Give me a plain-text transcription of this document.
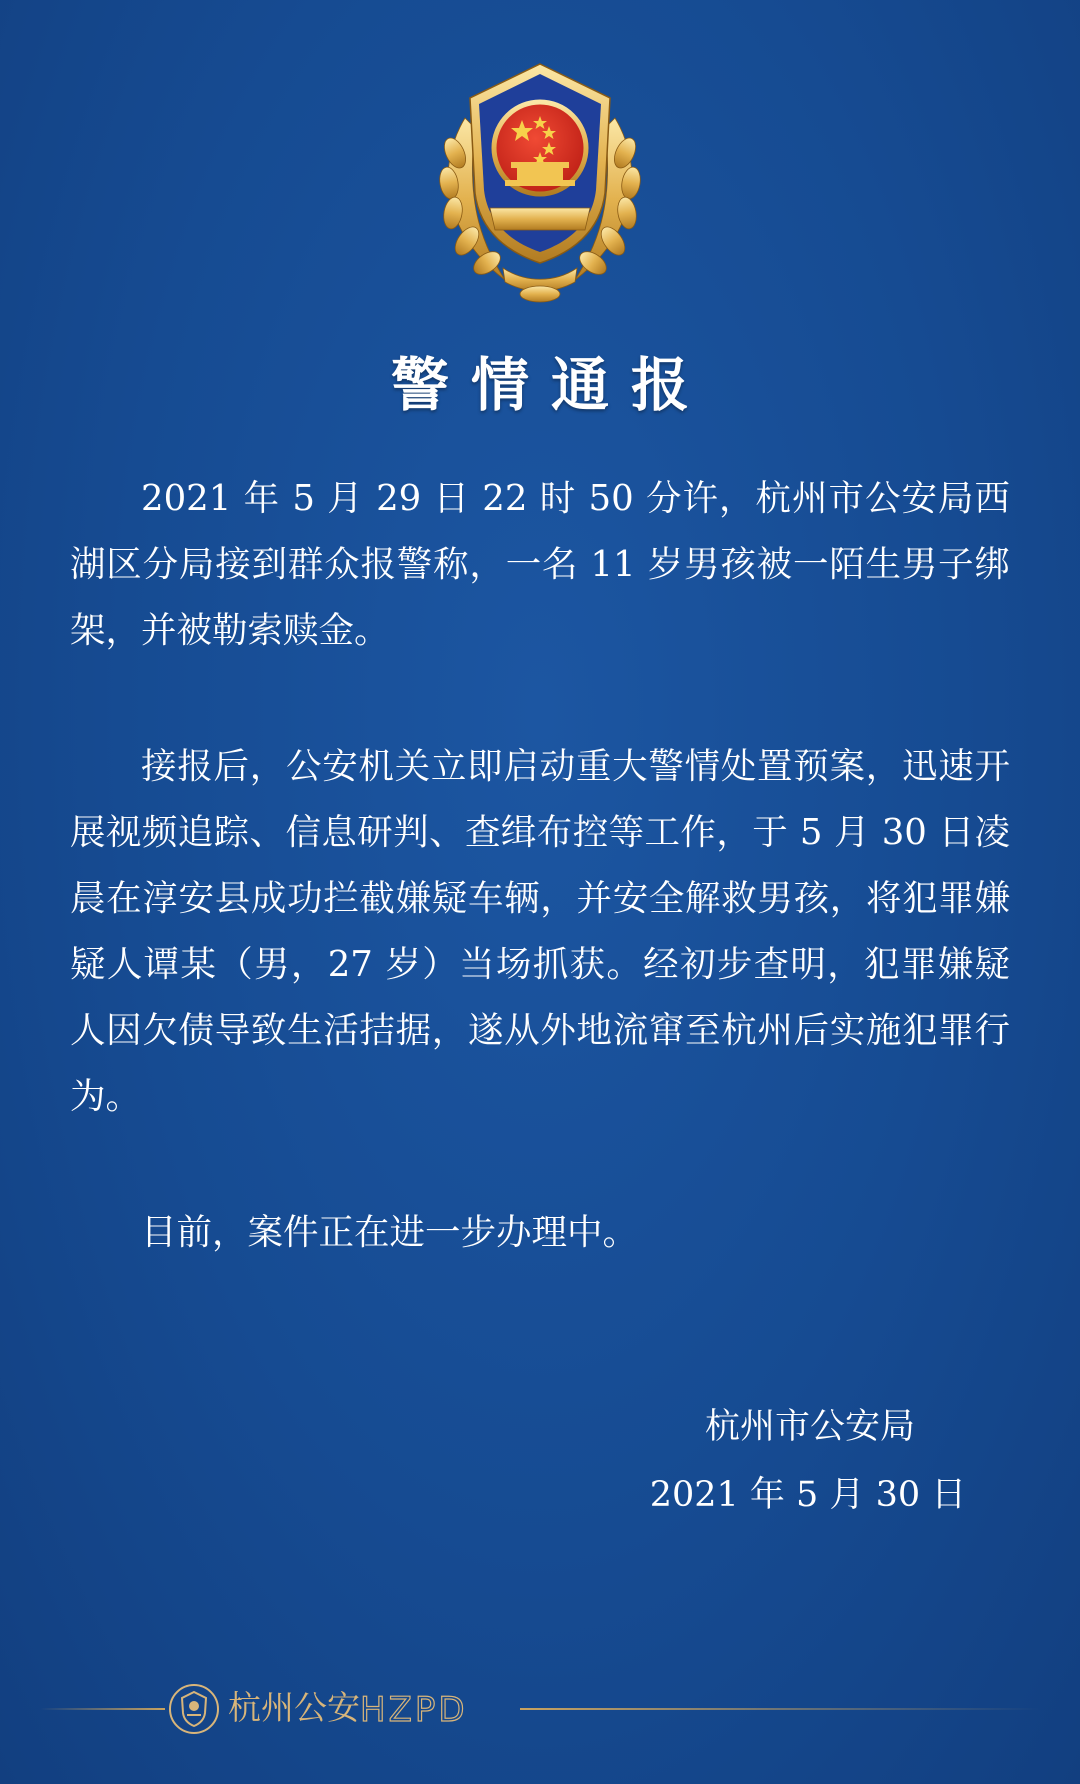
警情通报

2021 年 5 月 29 日 22 时 50 分许，杭州市公安局西湖区分局接到群众报警称，一名 11 岁男孩被一陌生男子绑架，并被勒索赎金。

接报后，公安机关立即启动重大警情处置预案，迅速开展视频追踪、信息研判、查缉布控等工作，于 5 月 30 日凌晨在淳安县成功拦截嫌疑车辆，并安全解救男孩，将犯罪嫌疑人谭某（男，27 岁）当场抓获。经初步查明，犯罪嫌疑人因欠债导致生活拮据，遂从外地流窜至杭州后实施犯罪行为。

目前，案件正在进一步办理中。

杭州市公安局
2021 年 5 月 30 日
杭州公安 HZPD
